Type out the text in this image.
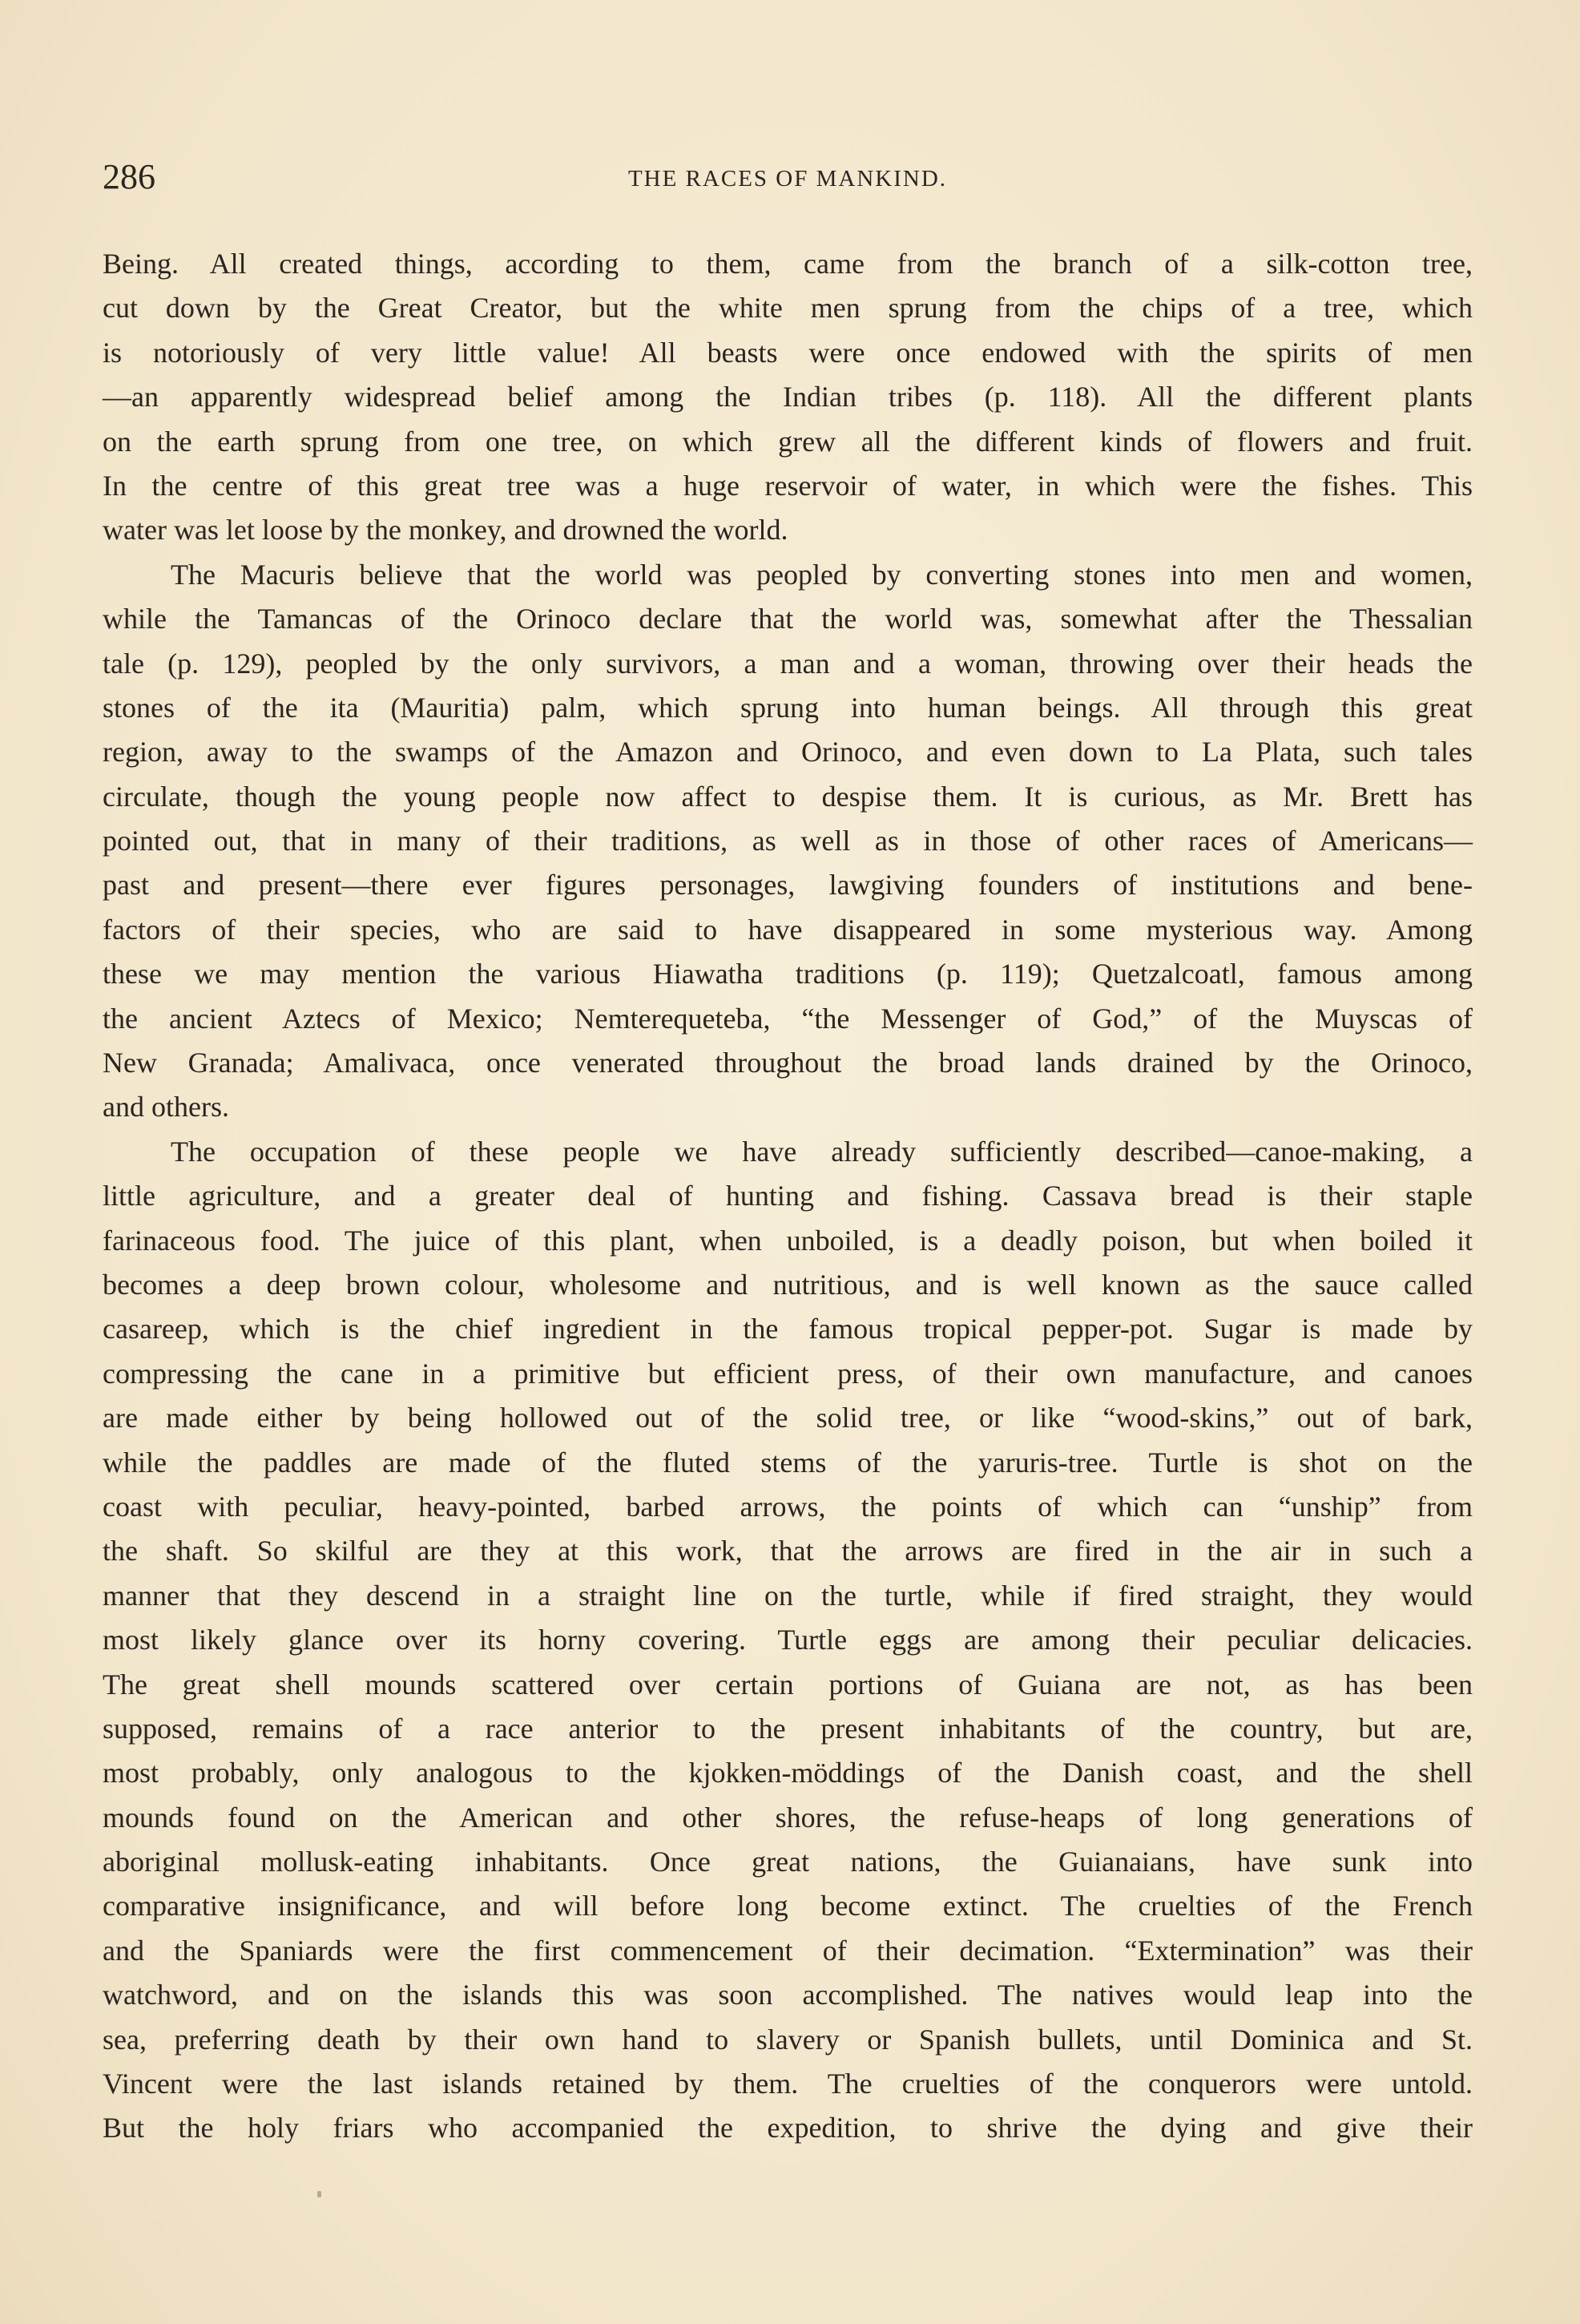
286	THE RACES OF MANKIND.
Being. All created things, according to them, came from the branch of a silk-cotton tree,
cut down by the Great Creator, but the white men sprung from the chips of a tree, which
is notoriously of very little value! All beasts were once endowed with the spirits of men
—an apparently widespread belief among the Indian tribes (p. 118). All the different plants
on the earth sprung from one tree, on which grew all the different kinds of flowers and fruit.
In the centre of this great tree was a huge reservoir of water, in which were the fishes. This
water was let loose by the monkey, and drowned the world.
The Macuris believe that the world was peopled by converting stones into men and women,
while the Tamancas of the Orinoco declare that the world was, somewhat after the Thessalian
tale (p. 129), peopled by the only survivors, a man and a woman, throwing over their heads the
stones of the ita (Mauritia) palm, which sprung into human beings. All through this great
region, away to the swamps of the Amazon and Orinoco, and even down to La Plata, such tales
circulate, though the young people now affect to despise them. It is curious, as Mr. Brett has
pointed out, that in many of their traditions, as well as in those of other races of Americans—
past and present—there ever figures personages, lawgiving founders of institutions and bene-
factors of their species, who are said to have disappeared in some mysterious way. Among
these we may mention the various Hiawatha traditions (p. 119); Quetzalcoatl, famous among
the ancient Aztecs of Mexico; Nemterequeteba, “the Messenger of God,” of the Muyscas of
New Granada; Amalivaca, once venerated throughout the broad lands drained by the Orinoco,
and others.
The occupation of these people we have already sufficiently described—canoe-making, a
little agriculture, and a greater deal of hunting and fishing. Cassava bread is their staple
farinaceous food. The juice of this plant, when unboiled, is a deadly poison, but when boiled it
becomes a deep brown colour, wholesome and nutritious, and is well known as the sauce called
casareep, which is the chief ingredient in the famous tropical pepper-pot. Sugar is made by
compressing the cane in a primitive but efficient press, of their own manufacture, and canoes
are made either by being hollowed out of the solid tree, or like “wood-skins,” out of bark,
while the paddles are made of the fluted stems of the yaruris-tree. Turtle is shot on the
coast with peculiar, heavy-pointed, barbed arrows, the points of which can “unship” from
the shaft. So skilful are they at this work, that the arrows are fired in the air in such a
manner that they descend in a straight line on the turtle, while if fired straight, they would
most likely glance over its horny covering. Turtle eggs are among their peculiar delicacies.
The great shell mounds scattered over certain portions of Guiana are not, as has been
supposed, remains of a race anterior to the present inhabitants of the country, but are,
most probably, only analogous to the kjokken-möddings of the Danish coast, and the shell
mounds found on the American and other shores, the refuse-heaps of long generations of
aboriginal mollusk-eating inhabitants. Once great nations, the Guianaians, have sunk into
comparative insignificance, and will before long become extinct. The cruelties of the French
and the Spaniards were the first commencement of their decimation. “Extermination” was their
watchword, and on the islands this was soon accomplished. The natives would leap into the
sea, preferring death by their own hand to slavery or Spanish bullets, until Dominica and St.
Vincent were the last islands retained by them. The cruelties of the conquerors were untold.
But the holy friars who accompanied the expedition, to shrive the dying and give their
